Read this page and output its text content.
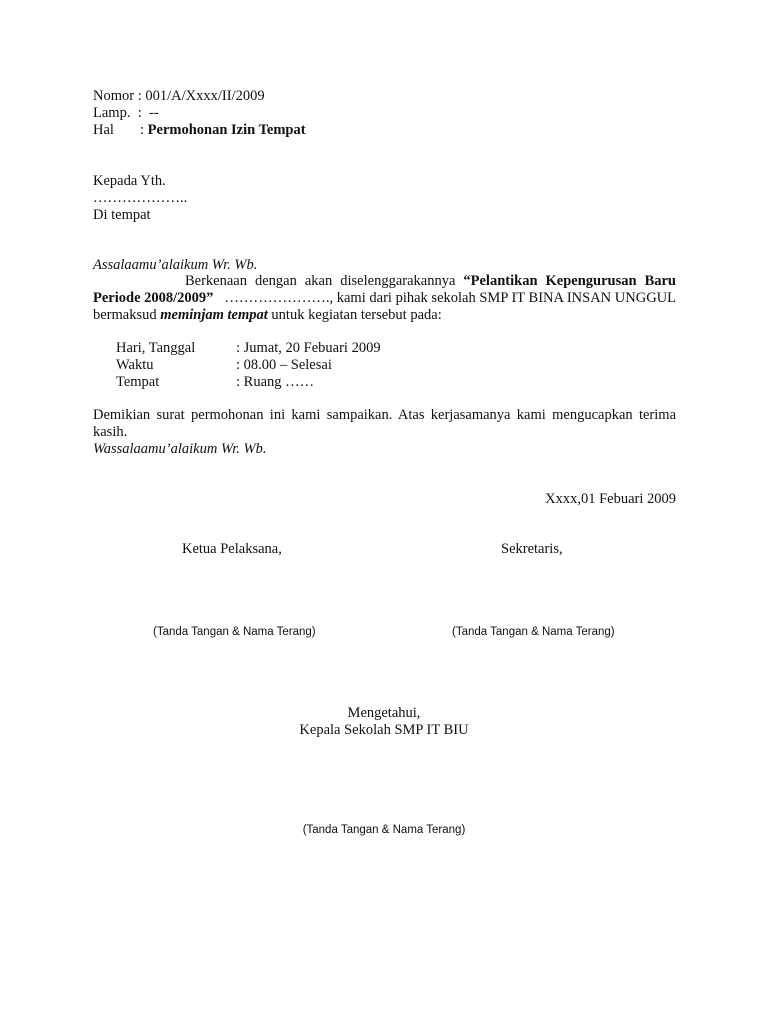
Nomor : 001/A/Xxxx/II/2009
Lamp.  :  --
Hal : Permohonan Izin Tempat
Kepada Yth.
………………..
Di tempat
Assalaamu’alaikum Wr. Wb.
Berkenaan dengan akan diselenggarakannya “Pelantikan Kepengurusan Baru Periode 2008/2009”   …………………., kami dari pihak sekolah SMP IT BINA INSAN UNGGUL bermaksud meminjam tempat untuk kegiatan tersebut pada:
Hari, Tanggal	: Jumat, 20 Febuari 2009
Waktu	: 08.00 – Selesai
Tempat	: Ruang ……
Demikian surat permohonan ini kami sampaikan. Atas kerjasamanya kami mengucapkan terima kasih.
Wassalaamu’alaikum Wr. Wb.
Xxxx,01 Febuari 2009
Ketua Pelaksana,	Sekretaris,
(Tanda Tangan & Nama Terang)	(Tanda Tangan & Nama Terang)
Mengetahui,
Kepala Sekolah SMP IT BIU
(Tanda Tangan & Nama Terang)
